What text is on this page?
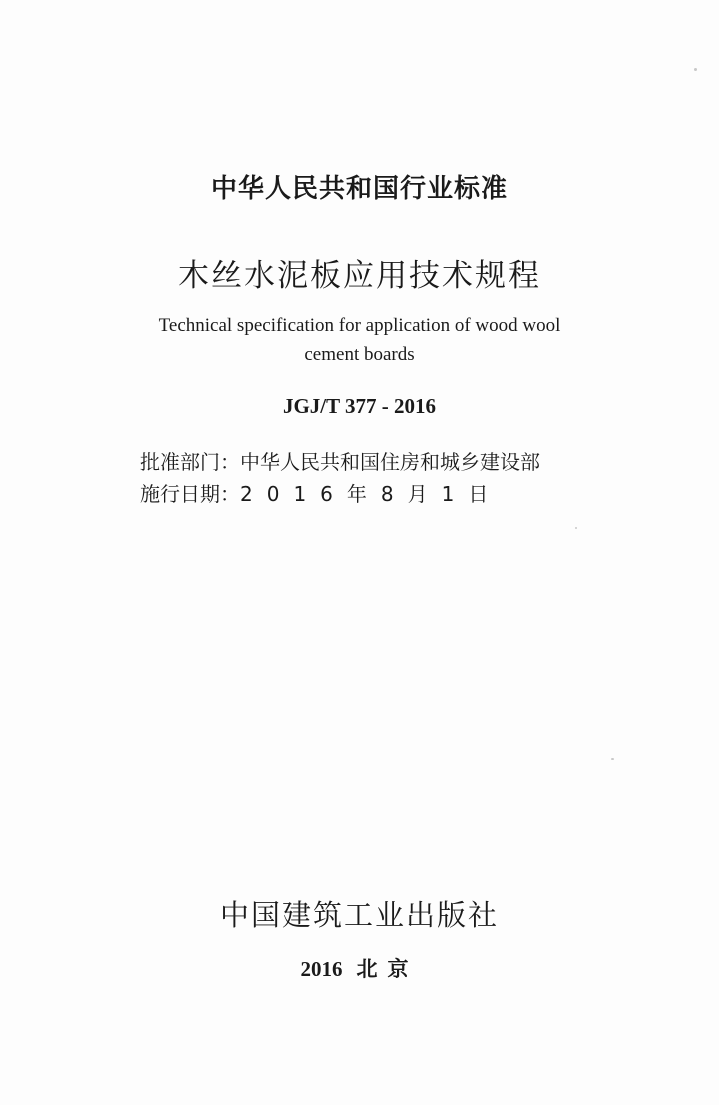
中华人民共和国行业标准
木丝水泥板应用技术规程
Technical specification for application of wood wool
cement boards
JGJ/T 377 - 2016
批准部门：中华人民共和国住房和城乡建设部
施行日期：2016年8月1日
中国建筑工业出版社
2016 北京
